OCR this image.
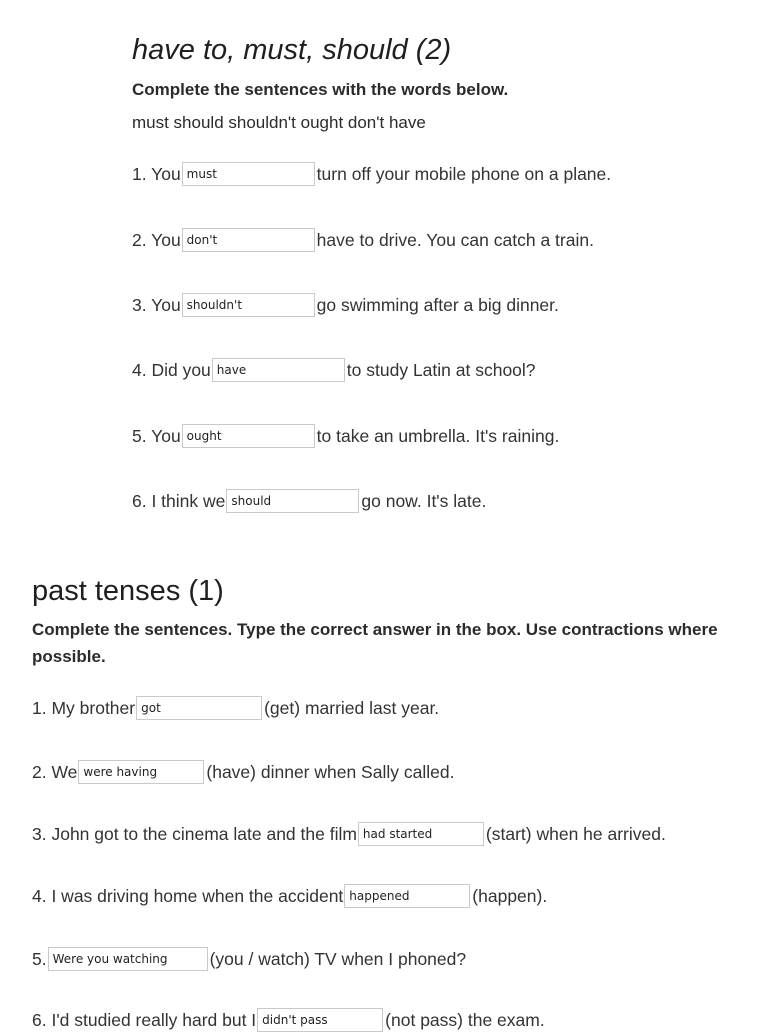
have to, must, should (2)

Complete the sentences with the words below.

must should shouldn't ought don't have

1. You must	turn off your mobile phone on a plane.
2. You don't	have to drive. You can catch a train.
3. You shouldn't	go swimming after a big dinner.
4. Did you have	to study Latin at school?
5. You ought	to take an umbrella. It's raining.
6. I think we should	go now. It's late.
past tenses (1)

Complete the sentences. Type the correct answer in the box. Use contractions where possible.

1. My brother got	(get) married last year.
2. We were having	(have) dinner when Sally called.
3. John got to the cinema late and the film had started	(start) when he arrived.
4. I was driving home when the accident happened	(happen).
5. Were you watching	(you / watch) TV when I phoned?
6. I'd studied really hard but I didn't pass	(not pass) the exam.
